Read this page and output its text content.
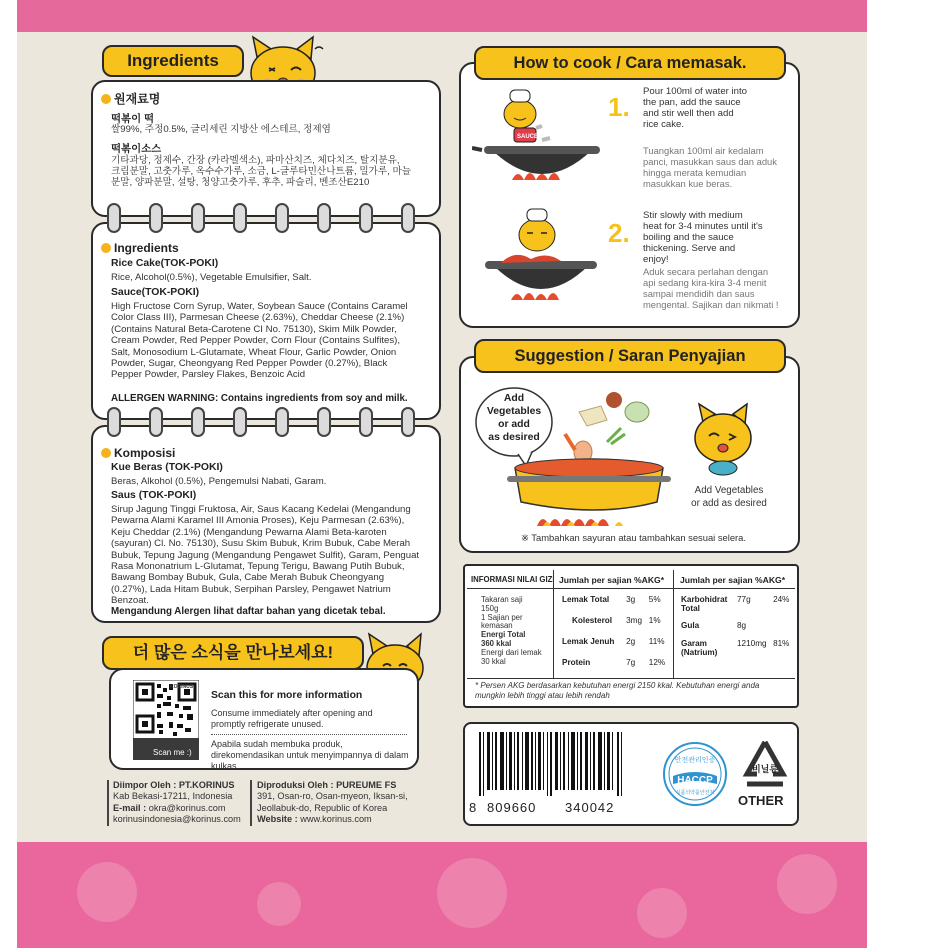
Ingredients
원재료명
떡볶이 떡
쌀99%, 주정0.5%, 글리세린 지방산 에스테르, 정제염
떡볶이소스
기타과당, 정제수, 간장 (카라멜색소), 파마산치즈, 체다치즈, 탈지분유, 크림분말, 고춧가루, 옥수수가루, 소금, L-글루타민산나트륨, 밀가루, 마늘분말, 양파분말, 설탕, 청양고춧가루, 후추, 파슬리, 벤조산E210
Ingredients
Rice Cake(TOK-POKI)
Rice, Alcohol(0.5%), Vegetable Emulsifier, Salt.
Sauce(TOK-POKI)
High Fructose Corn Syrup, Water, Soybean Sauce (Contains Caramel Color Class III), Parmesan Cheese (2.63%), Cheddar Cheese (2.1%) (Contains Natural Beta-Carotene CI No. 75130), Skim Milk Powder, Cream Powder, Red Pepper Powder, Corn Flour (Contains Sulfites), Salt, Monosodium L-Glutamate, Wheat Flour, Garlic Powder, Onion Powder, Sugar, Cheongyang Red Pepper Powder (0.27%), Black Pepper Powder, Parsley Flakes, Benzoic Acid
ALLERGEN WARNING: Contains ingredients from soy and milk.
Komposisi
Kue Beras (TOK-POKI)
Beras, Alkohol (0.5%), Pengemulsi Nabati, Garam.
Saus (TOK-POKI)
Sirup Jagung Tinggi Fruktosa, Air, Saus Kacang Kedelai (Mengandung Pewarna Alami Karamel III Amonia Proses), Keju Parmesan (2.63%), Keju Cheddar (2.1%) (Mengandung Pewarna Alami Beta-karoten (sayuran) Cl. No. 75130), Susu Skim Bubuk, Krim Bubuk, Cabe Merah Bubuk, Tepung Jagung (Mengandung Pengawet Sulfit), Garam, Penguat Rasa Mononatrium L-Glutamat, Tepung Terigu, Bawang Putih Bubuk, Bawang Bombay Bubuk, Gula, Cabe Merah Bubuk Cheongyang (0.27%), Lada Hitam Bubuk, Serpihan Parsley, Pengawet Natrium Benzoat.
Mengandung Alergen lihat daftar bahan yang dicetak tebal.
더 많은 소식을 만나보세요!
KORINUS
Scan me :)
Scan this for more information
Consume immediately after opening and promptly refrigerate unused.
Apabila sudah membuka produk, direkomendasikan untuk menyimpannya di dalam kulkas.
Diimpor Oleh : PT.KORINUS
Kab Bekasi-17211, Indonesia
E-mail : okra@korinus.com
korinusindonesia@korinus.com
Diproduksi Oleh : PUREUME FS
391, Osan-ro, Osan-myeon, Iksan-si,
Jeollabuk-do, Republic of Korea
Website : www.korinus.com
How to cook / Cara memasak.
SAUCE
1.
Pour 100ml of water into the pan, add the sauce and stir well then add rice cake.
Tuangkan 100ml air kedalam panci, masukkan saus dan aduk hingga merata kemudian masukkan kue beras.
2.
Stir slowly with medium heat for 3-4 minutes until it's boiling and the sauce thickening. Serve and enjoy!
Aduk secara perlahan dengan api sedang kira-kira 3-4 menit sampai mendidih dan saus mengental. Sajikan dan nikmati !
Suggestion / Saran Penyajian
Add
Vegetables
or add
as desired
Add Vegetables
or add as desired
※ Tambahkan sayuran atau tambahkan sesuai selera.
INFORMASI NILAI GIZI Jumlah per sajian %AKG* Jumlah per sajian %AKG*
Takaran saji
150g
1 Sajian per
kemasan
Energi Total
360 kkal
Energi dari lemak
30 kkal
Lemak Total	3g	5%
Kolesterol	3mg	1%
Lemak Jenuh	2g	11%
Protein	7g	12%
Karbohidrat Total	77g	24%
Gula	8g	
Garam (Natrium)	1210mg	81%
* Persen AKG berdasarkan kebutuhan energi 2150 kkal. Kebutuhan energi anda mungkin lebih tinggi atau lebih rendah
8 809660 340042
안전관리인증
HACCP
식품의약품안전처
비닐류
OTHER
